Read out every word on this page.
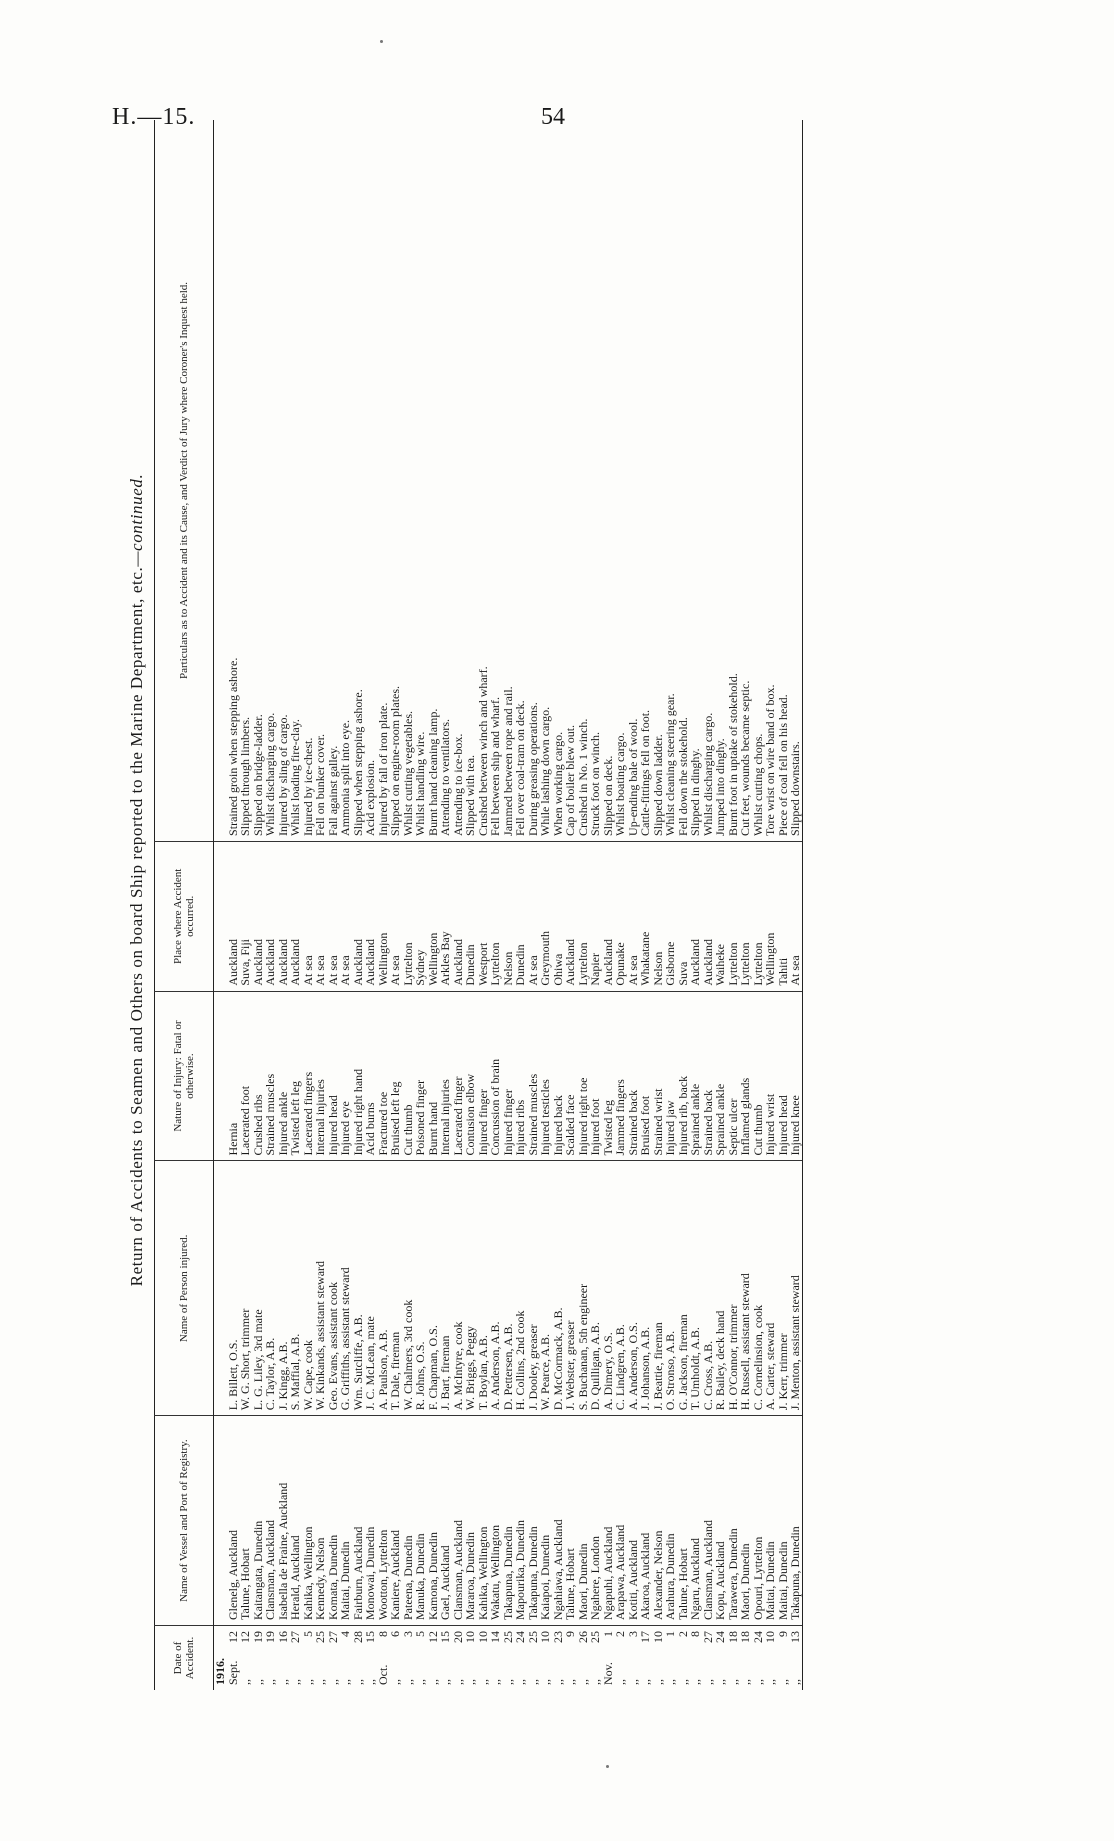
H.—15.	54
Return of Accidents to Seamen and Others on board Ship reported to the Marine Department, etc.—continued.
Date of Accident.	Name of Vessel and Port of Registry.	Name of Person injured.	Nature of Injury: Fatal or otherwise.	Place where Accident occurred.	Particulars as to Accident and its Cause, and Verdict of Jury where Coroner's Inquest held.
1916.					
Sept.12	Glenelg, Auckland	L. Billett, O.S.	Hernia	Auckland	Strained groin when stepping ashore.
,,12	Talune, Hobart	W. G. Short, trimmer	Lacerated foot	Suva, Fiji	Slipped through limbers.
,,19	Kaitangata, Dunedin	L. G. Liley, 3rd mate	Crushed ribs	Auckland	Slipped on bridge-ladder.
,,19	Clansman, Auckland	C. Taylor, A.B.	Strained muscles	Auckland	Whilst discharging cargo.
,,16	Isabella de Fraine, Auckland	J. Kingg, A.B.	Injured ankle	Auckland	Injured by sling of cargo.
,,27	Herald, Auckland	S. Maffial, A.B.	Twisted left leg	Auckland	Whilst loading fire-clay.
,,5	Kahika, Wellington	W. Cape, cook	Lacerated fingers	At sea	Injured by ice-chest.
,,25	Kennedy, Nelson	W. Kinkands, assistant steward	Internal injuries	At sea	Fell on bunker cover.
,,27	Komata, Dunedin	Geo. Evans, assistant cook	Injured head	At sea	Fall against galley.
,,4	Maitai, Dunedin	G. Griffiths, assistant steward	Injured eye	At sea	Ammonia spilt into eye.
,,28	Fairburn, Auckland	Wm. Sutcliffe, A.B.	Injured right hand	Auckland	Slipped when stepping ashore.
,,15	Monowai, Dunedin	J. C. McLean, mate	Acid burns	Auckland	Acid explosion.
Oct.8	Wootton, Lyttelton	A. Paulson, A.B.	Fractured toe	Wellington	Injured by fall of iron plate.
,,6	Kaniere, Auckland	T. Dale, fireman	Bruised left leg	At sea	Slipped on engine-room plates.
,,3	Pateena, Dunedin	W. Chalmers, 3rd cook	Cut thumb	Lyttelton	Whilst cutting vegetables.
,,5	Manuka, Dunedin	R. Johns, O.S.	Poisoned finger	Sydney	Whilst handling wire.
,,12	Kamona, Dunedin	F. Chapman, O.S.	Burnt hand	Wellington	Burnt hand cleaning lamp.
,,15	Gael, Auckland	J. Bart, fireman	Internal injuries	Arkles Bay	Attending to ventilators.
,,20	Clansman, Auckland	A. McIntyre, cook	Lacerated finger	Auckland	Attending to ice-box.
,,10	Mararoa, Dunedin	W. Briggs, Peggy	Contusion elbow	Dunedin	Slipped with tea.
,,10	Kahika, Wellington	T. Boylan, A.B.	Injured finger	Westport	Crushed between winch and wharf.
,,14	Wakatu, Wellington	A. Anderson, A.B.	Concussion of brain	Lyttelton	Fell between ship and wharf.
,,25	Takapuna, Dunedin	D. Pettersen, A.B.	Injured finger	Nelson	Jammed between rope and rail.
,,24	Mapourika, Dunedin	H. Collins, 2nd cook	Injured ribs	Dunedin	Fell over coal-tram on deck.
,,25	Takapuna, Dunedin	J. Dooley, greaser	Strained muscles	At sea	During greasing operations.
,,10	Kaiapoi, Dunedin	W. Pearce, A.B.	Injured testicles	Greymouth	While lashing down cargo.
,,23	Ngahiawa, Auckland	D. McCormack, A.B.	Injured back	Ohiwa	When working cargo.
,,9	Talune, Hobart	J. Webster, greaser	Scalded face	Auckland	Cap of boiler blew out.
,,26	Maori, Dunedin	S. Buchanan, 5th engineer	Injured right toe	Lyttelton	Crushed in No. 1 winch.
,,25	Ngahere, London	D. Quilligan, A.B.	Injured foot	Napier	Struck foot on winch.
Nov.1	Ngapuhi, Auckland	A. Dimery, O.S.	Twisted leg	Auckland	Slipped on deck.
,,2	Arapawa, Auckland	C. Lindgren, A.B.	Jammed fingers	Opunake	Whilst boating cargo.
,,3	Kotiti, Auckland	A. Anderson, O.S.	Strained back	At sea	Up-ending bale of wool.
,,17	Akaroa, Auckland	J. Johanson, A.B.	Bruised foot	Whakatane	Cattle-fittings fell on foot.
,,10	Alexander, Nelson	J. Beattie, fireman	Strained wrist	Nelson	Slipped down ladder.
,,1	Arahura, Dunedin	O. Stronso, A.B.	Injured jaw	Gisborne	Whilst cleaning steering gear.
,,2	Talune, Hobart	G. Jackson, fireman	Injured rib, back	Suva	Fell down the stokehold.
,,8	Ngaru, Auckland	T. Umholdt, A.B.	Sprained ankle	Auckland	Slipped in dinghy.
,,27	Clansman, Auckland	C. Cross, A.B.	Strained back	Auckland	Whilst discharging cargo.
,,24	Kopu, Auckland	R. Bailey, deck hand	Sprained ankle	Waiheke	Jumped into dinghy.
,,18	Tarawera, Dunedin	H. O'Connor, trimmer	Septic ulcer	Lyttelton	Burnt foot in uptake of stokehold.
,,18	Maori, Dunedin	H. Russell, assistant steward	Inflamed glands	Lyttelton	Cut feet, wounds became septic.
,,24	Opouri, Lyttelton	C. Cornelinsion, cook	Cut thumb	Lyttelton	Whilst cutting chops.
,,10	Maitai, Dunedin	A. Carter, steward	Injured wrist	Wellington	Tore wrist on wire band of box.
,,9	Maitai, Dunedin	J. Kerr, trimmer	Injured head	Tahiti	Piece of coal fell on his head.
,,13	Takapuna, Dunedin	J. Menton, assistant steward	Injured knee	At sea	Slipped downstairs.
